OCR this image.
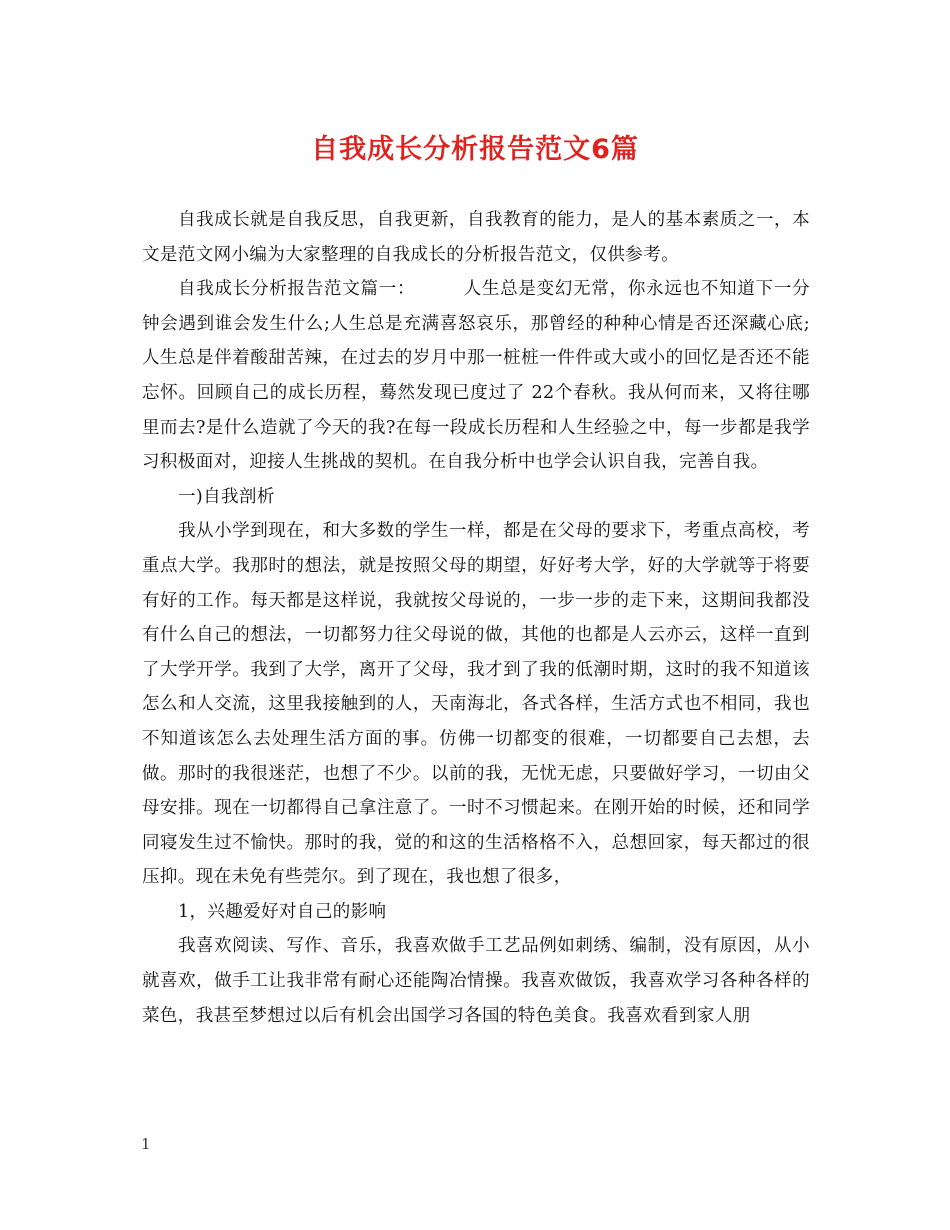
自我成长分析报告范文6篇

自我成长就是自我反思，自我更新，自我教育的能力，是人的基本素质之一，本文是范文网小编为大家整理的自我成长的分析报告范文，仅供参考。

自我成长分析报告范文篇一：	人生总是变幻无常，你永远也不知道下一分钟会遇到谁会发生什么;人生总是充满喜怒哀乐，那曾经的种种心情是否还深藏心底;人生总是伴着酸甜苦辣，在过去的岁月中那一桩桩一件件或大或小的回忆是否还不能忘怀。回顾自己的成长历程，蓦然发现已度过了 22个春秋。我从何而来，又将往哪里而去?是什么造就了今天的我?在每一段成长历程和人生经验之中，每一步都是我学习积极面对，迎接人生挑战的契机。在自我分析中也学会认识自我，完善自我。

一)自我剖析

我从小学到现在，和大多数的学生一样，都是在父母的要求下，考重点高校，考重点大学。我那时的想法，就是按照父母的期望，好好考大学，好的大学就等于将要有好的工作。每天都是这样说，我就按父母说的，一步一步的走下来，这期间我都没有什么自己的想法，一切都努力往父母说的做，其他的也都是人云亦云，这样一直到了大学开学。我到了大学，离开了父母，我才到了我的低潮时期，这时的我不知道该怎么和人交流，这里我接触到的人，天南海北，各式各样，生活方式也不相同，我也不知道该怎么去处理生活方面的事。仿佛一切都变的很难，一切都要自己去想，去做。那时的我很迷茫，也想了不少。以前的我，无忧无虑，只要做好学习，一切由父母安排。现在一切都得自己拿注意了。一时不习惯起来。在刚开始的时候，还和同学同寝发生过不愉快。那时的我，觉的和这的生活格格不入，总想回家，每天都过的很压抑。现在未免有些莞尔。到了现在，我也想了很多，

1，兴趣爱好对自己的影响

我喜欢阅读、写作、音乐，我喜欢做手工艺品例如刺绣、编制，没有原因，从小就喜欢，做手工让我非常有耐心还能陶冶情操。我喜欢做饭，我喜欢学习各种各样的菜色，我甚至梦想过以后有机会出国学习各国的特色美食。我喜欢看到家人朋

1
